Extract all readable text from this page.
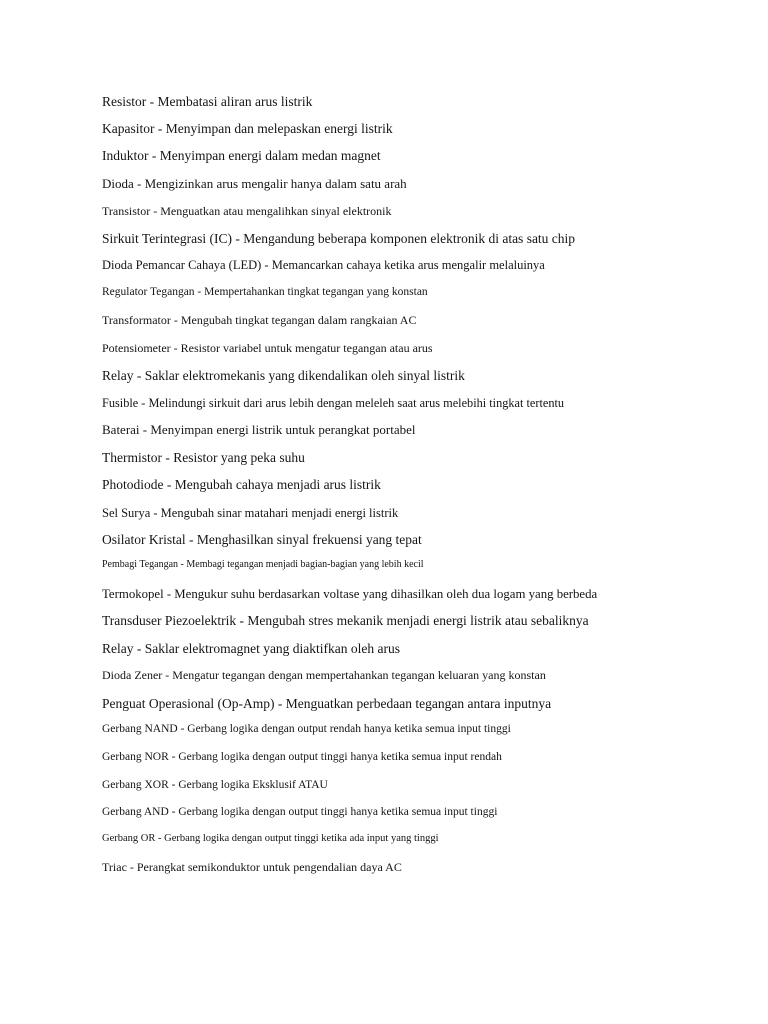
Resistor - Membatasi aliran arus listrik
Kapasitor - Menyimpan dan melepaskan energi listrik
Induktor - Menyimpan energi dalam medan magnet
Dioda - Mengizinkan arus mengalir hanya dalam satu arah
Transistor - Menguatkan atau mengalihkan sinyal elektronik
Sirkuit Terintegrasi (IC) - Mengandung beberapa komponen elektronik di atas satu chip
Dioda Pemancar Cahaya (LED) - Memancarkan cahaya ketika arus mengalir melaluinya
Regulator Tegangan - Mempertahankan tingkat tegangan yang konstan
Transformator - Mengubah tingkat tegangan dalam rangkaian AC
Potensiometer - Resistor variabel untuk mengatur tegangan atau arus
Relay - Saklar elektromekanis yang dikendalikan oleh sinyal listrik
Fusible - Melindungi sirkuit dari arus lebih dengan meleleh saat arus melebihi tingkat tertentu
Baterai - Menyimpan energi listrik untuk perangkat portabel
Thermistor - Resistor yang peka suhu
Photodiode - Mengubah cahaya menjadi arus listrik
Sel Surya - Mengubah sinar matahari menjadi energi listrik
Osilator Kristal - Menghasilkan sinyal frekuensi yang tepat
Pembagi Tegangan - Membagi tegangan menjadi bagian-bagian yang lebih kecil
Termokopel - Mengukur suhu berdasarkan voltase yang dihasilkan oleh dua logam yang berbeda
Transduser Piezoelektrik - Mengubah stres mekanik menjadi energi listrik atau sebaliknya
Relay - Saklar elektromagnet yang diaktifkan oleh arus
Dioda Zener - Mengatur tegangan dengan mempertahankan tegangan keluaran yang konstan
Penguat Operasional (Op-Amp) - Menguatkan perbedaan tegangan antara inputnya
Gerbang NAND - Gerbang logika dengan output rendah hanya ketika semua input tinggi
Gerbang NOR - Gerbang logika dengan output tinggi hanya ketika semua input rendah
Gerbang XOR - Gerbang logika Eksklusif ATAU
Gerbang AND - Gerbang logika dengan output tinggi hanya ketika semua input tinggi
Gerbang OR - Gerbang logika dengan output tinggi ketika ada input yang tinggi
Triac - Perangkat semikonduktor untuk pengendalian daya AC
